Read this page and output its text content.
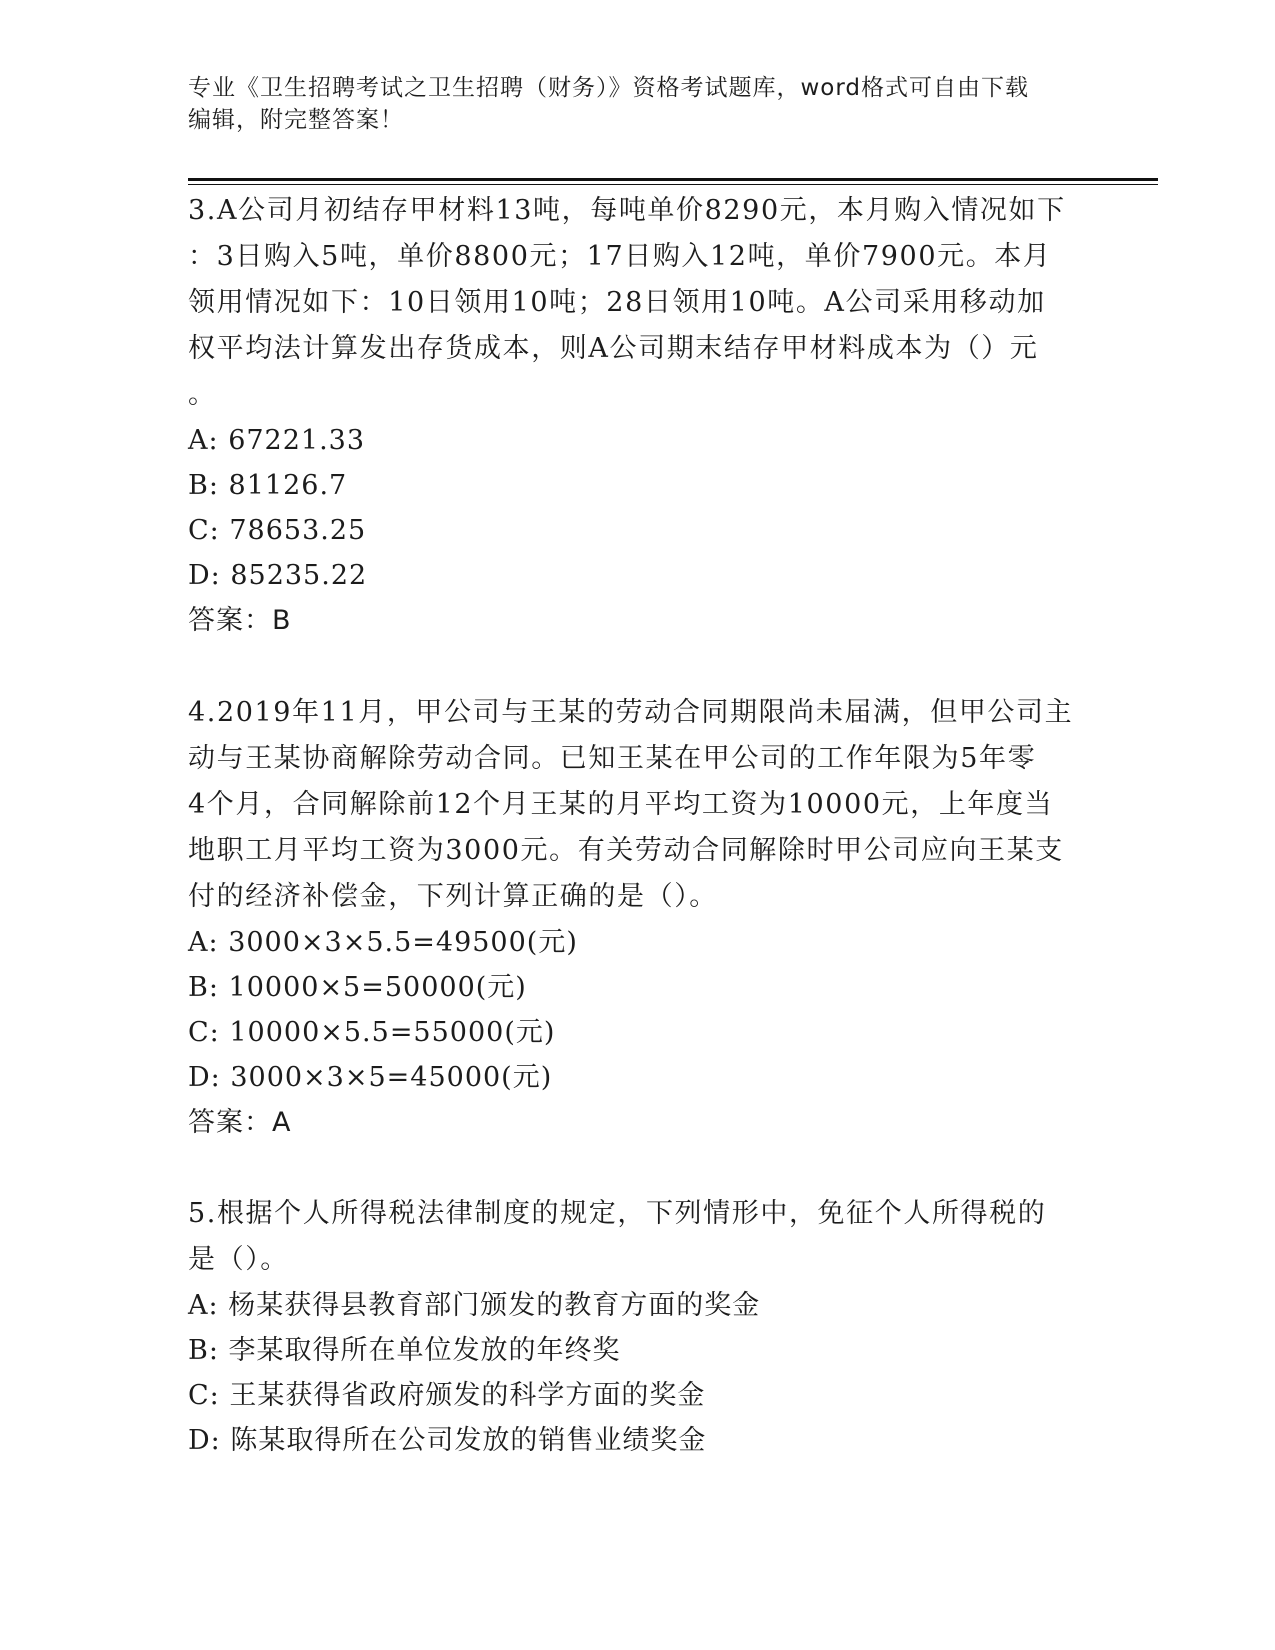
专业《卫生招聘考试之卫生招聘（财务）》资格考试题库，word格式可自由下载
编辑，附完整答案！
3.A公司月初结存甲材料13吨，每吨单价8290元，本月购入情况如下
：3日购入5吨，单价8800元；17日购入12吨，单价7900元。本月
领用情况如下：10日领用10吨；28日领用10吨。A公司采用移动加
权平均法计算发出存货成本，则A公司期末结存甲材料成本为（）元
。
A: 67221.33
B: 81126.7
C: 78653.25
D: 85235.22
答案：B
4.2019年11月，甲公司与王某的劳动合同期限尚未届满，但甲公司主
动与王某协商解除劳动合同。已知王某在甲公司的工作年限为5年零
4个月，合同解除前12个月王某的月平均工资为10000元，上年度当
地职工月平均工资为3000元。有关劳动合同解除时甲公司应向王某支
付的经济补偿金，下列计算正确的是（）。
A: 3000×3×5.5=49500(元)
B: 10000×5=50000(元)
C: 10000×5.5=55000(元)
D: 3000×3×5=45000(元)
答案：A
5.根据个人所得税法律制度的规定，下列情形中，免征个人所得税的
是（）。
A: 杨某获得县教育部门颁发的教育方面的奖金
B: 李某取得所在单位发放的年终奖
C: 王某获得省政府颁发的科学方面的奖金
D: 陈某取得所在公司发放的销售业绩奖金
